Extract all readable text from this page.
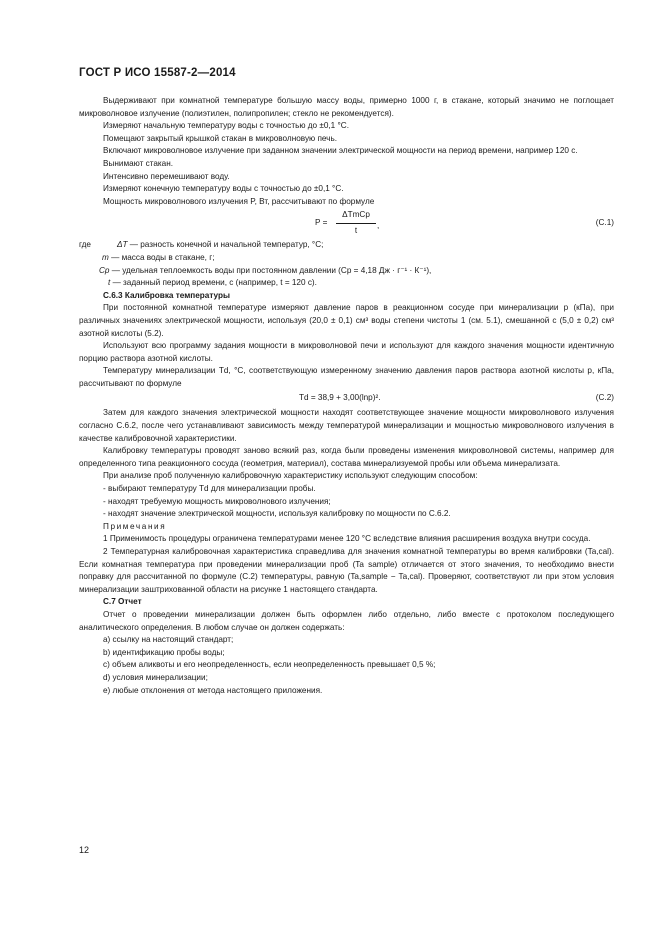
ГОСТ Р ИСО 15587-2—2014

Выдерживают при комнатной температуре большую массу воды, примерно 1000 г, в стакане, который значимо не поглощает микроволновое излучение (полиэтилен, полипропилен; стекло не рекомендуется).

Измеряют начальную температуру воды с точностью до ±0,1 °С.

Помещают закрытый крышкой стакан в микроволновую печь.

Включают микроволновое излучение при заданном значении электрической мощности на период времени, например 120 с.

Вынимают стакан.

Интенсивно перемешивают воду.

Измеряют конечную температуру воды с точностью до ±0,1 °С.

Мощность микроволнового излучения P, Вт, рассчитывают по формуле

P =
ΔTmCp
t
,	(С.1)
где	ΔT — разность конечной и начальной температур, °С;
m — масса воды в стакане, г;
Cp — удельная теплоемкость воды при постоянном давлении (Cp = 4,18 Дж · г⁻¹ · К⁻¹),
t — заданный период времени, с (например, t = 120 с).

С.6.3 Калибровка температуры

При постоянной комнатной температуре измеряют давление паров в реакционном сосуде при минерализации p (кПа), при различных значениях электрической мощности, используя (20,0 ± 0,1) см³ воды степени чистоты 1 (см. 5.1), смешанной с (5,0 ± 0,2) см³ азотной кислоты (5.2).

Используют всю программу задания мощности в микроволновой печи и используют для каждого значения мощности идентичную порцию раствора азотной кислоты.

Температуру минерализации Td, °С, соответствующую измеренному значению давления паров раствора азотной кислоты p, кПа, рассчитывают по формуле

Td = 38,9 + 3,00(lnp)².	(С.2)

Затем для каждого значения электрической мощности находят соответствующее значение мощности микроволнового излучения согласно С.6.2, после чего устанавливают зависимость между температурой минерализации и мощностью микроволнового излучения в качестве калибровочной характеристики.

Калибровку температуры проводят заново всякий раз, когда были проведены изменения микроволновой системы, например для определенного типа реакционного сосуда (геометрия, материал), состава минерализуемой пробы или объема минерализата.

При анализе проб полученную калибровочную характеристику используют следующим способом:

- выбирают температуру Td для минерализации пробы.

- находят требуемую мощность микроволнового излучения;

- находят значение электрической мощности, используя калибровку по мощности по С.6.2.

Примечания

1 Применимость процедуры ограничена температурами менее 120 °С вследствие влияния расширения воздуха внутри сосуда.

2 Температурная калибровочная характеристика справедлива для значения комнатной температуры во время калибровки (Ta,cal). Если комнатная температура при проведении минерализации проб (Ta sample) отличается от этого значения, то необходимо внести поправку для рассчитанной по формуле (С.2) температуры, равную (Ta,sample − Ta,cal). Проверяют, соответствуют ли при этом условия минерализации заштрихованной области на рисунке 1 настоящего стандарта.

С.7 Отчет

Отчет о проведении минерализации должен быть оформлен либо отдельно, либо вместе с протоколом последующего аналитического определения. В любом случае он должен содержать:

a) ссылку на настоящий стандарт;

b) идентификацию пробы воды;

c) объем аликвоты и его неопределенность, если неопределенность превышает 0,5 %;

d) условия минерализации;

e) любые отклонения от метода настоящего приложения.

12
